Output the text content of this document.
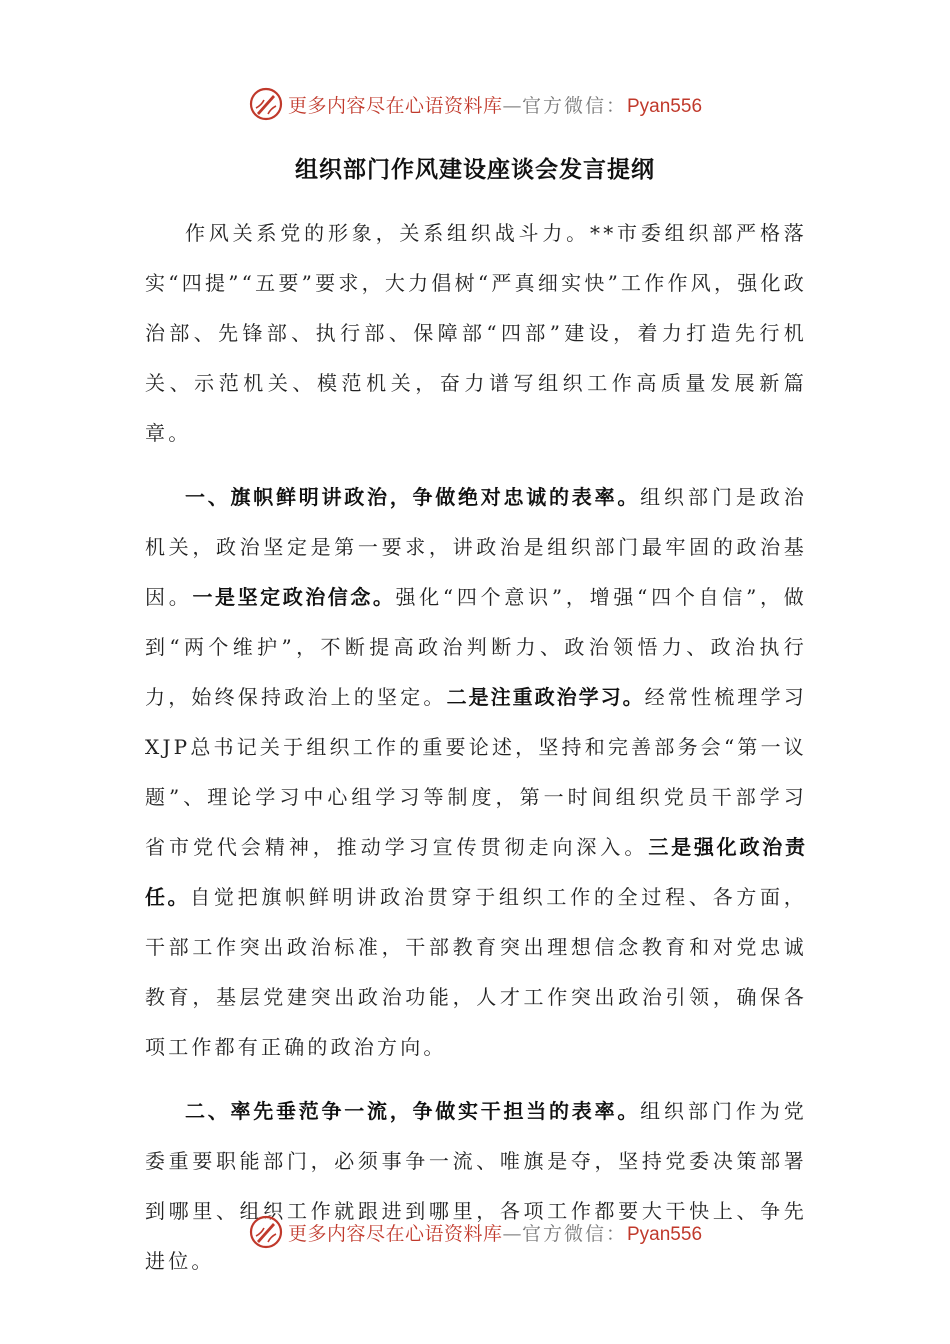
更多内容尽在心语资料库—官方微信：Pyan556
组织部门作风建设座谈会发言提纲

作风关系党的形象，关系组织战斗力。**市委组织部严格落实“四提”“五要”要求，大力倡树“严真细实快”工作作风，强化政治部、先锋部、执行部、保障部“四部”建设，着力打造先行机关、示范机关、模范机关，奋力谱写组织工作高质量发展新篇章。

一、旗帜鲜明讲政治，争做绝对忠诚的表率。组织部门是政治机关，政治坚定是第一要求，讲政治是组织部门最牢固的政治基因。一是坚定政治信念。强化“四个意识”，增强“四个自信”，做到“两个维护”，不断提高政治判断力、政治领悟力、政治执行力，始终保持政治上的坚定。二是注重政治学习。经常性梳理学习XJP总书记关于组织工作的重要论述，坚持和完善部务会“第一议题”、理论学习中心组学习等制度，第一时间组织党员干部学习省市党代会精神，推动学习宣传贯彻走向深入。三是强化政治责任。自觉把旗帜鲜明讲政治贯穿于组织工作的全过程、各方面，干部工作突出政治标准，干部教育突出理想信念教育和对党忠诚教育，基层党建突出政治功能，人才工作突出政治引领，确保各项工作都有正确的政治方向。

二、率先垂范争一流，争做实干担当的表率。组织部门作为党委重要职能部门，必须事争一流、唯旗是夺，坚持党委决策部署到哪里、组织工作就跟进到哪里，各项工作都要大干快上、争先进位。

更多内容尽在心语资料库—官方微信：Pyan556
